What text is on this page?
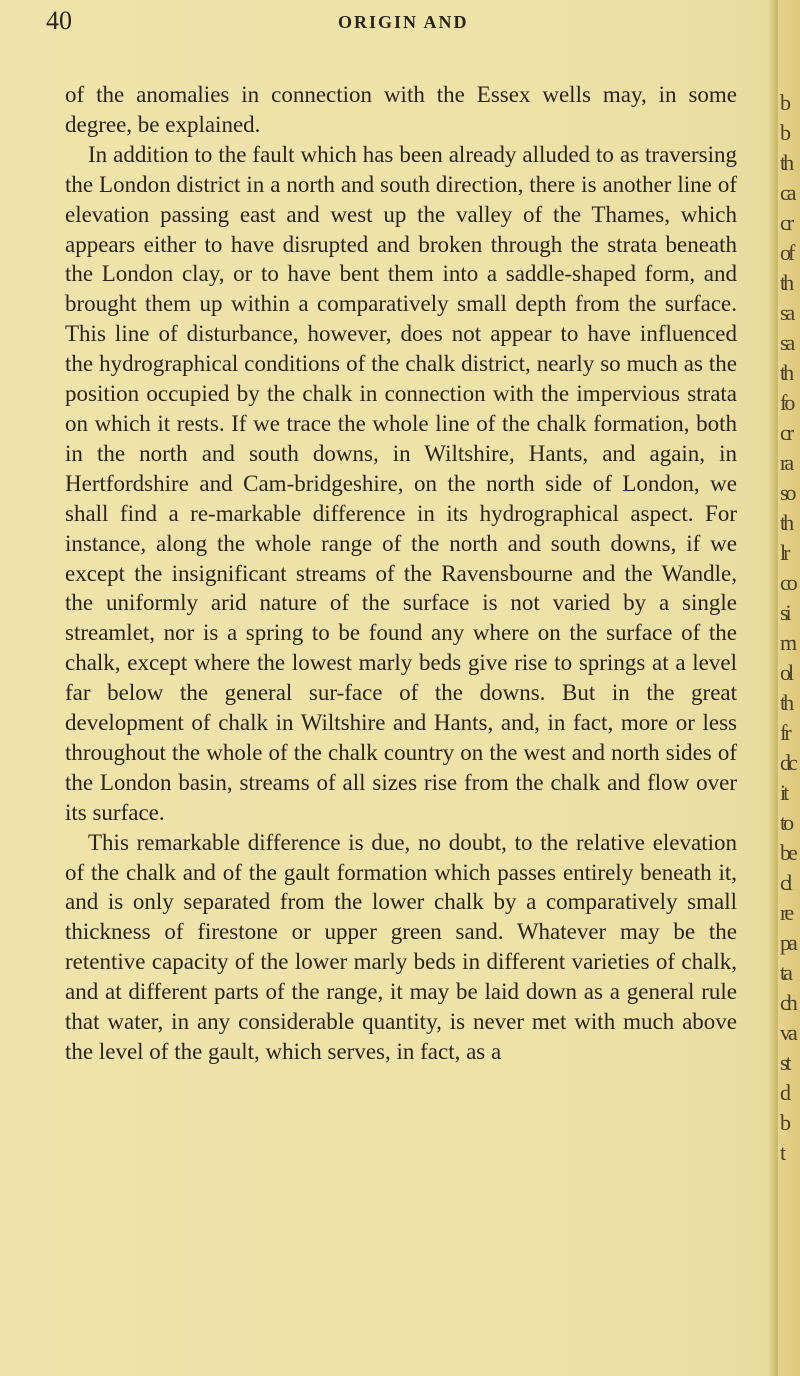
40	ORIGIN AND

of the anomalies in connection with the Essex wells may, in some degree, be explained.

In addition to the fault which has been already alluded to as traversing the London district in a north and south direction, there is another line of elevation passing east and west up the valley of the Thames, which appears either to have disrupted and broken through the strata beneath the London clay, or to have bent them into a saddle-shaped form, and brought them up within a comparatively small depth from the surface. This line of disturbance, however, does not appear to have influenced the hydrographical conditions of the chalk district, nearly so much as the position occupied by the chalk in connection with the impervious strata on which it rests. If we trace the whole line of the chalk formation, both in the north and south downs, in Wiltshire, Hants, and again, in Hertfordshire and Cam-bridgeshire, on the north side of London, we shall find a re-markable difference in its hydrographical aspect. For instance, along the whole range of the north and south downs, if we except the insignificant streams of the Ravensbourne and the Wandle, the uniformly arid nature of the surface is not varied by a single streamlet, nor is a spring to be found any where on the surface of the chalk, except where the lowest marly beds give rise to springs at a level far below the general sur-face of the downs. But in the great development of chalk in Wiltshire and Hants, and, in fact, more or less throughout the whole of the chalk country on the west and north sides of the London basin, streams of all sizes rise from the chalk and flow over its surface.

This remarkable difference is due, no doubt, to the relative elevation of the chalk and of the gault formation which passes entirely beneath it, and is only separated from the lower chalk by a comparatively small thickness of firestone or upper green sand. Whatever may be the retentive capacity of the lower marly beds in different varieties of chalk, and at different parts of the range, it may be laid down as a general rule that water, in any considerable quantity, is never met with much above the level of the gault, which serves, in fact, as a

b
b
th
ca
cr
of
th
sa
sa
th
fo
cr
ra
so
th
lr
co
si
m
ol
th
fr
dc
it
to
be
cl
re
pa
ta
ch
va
st
d
b
t
